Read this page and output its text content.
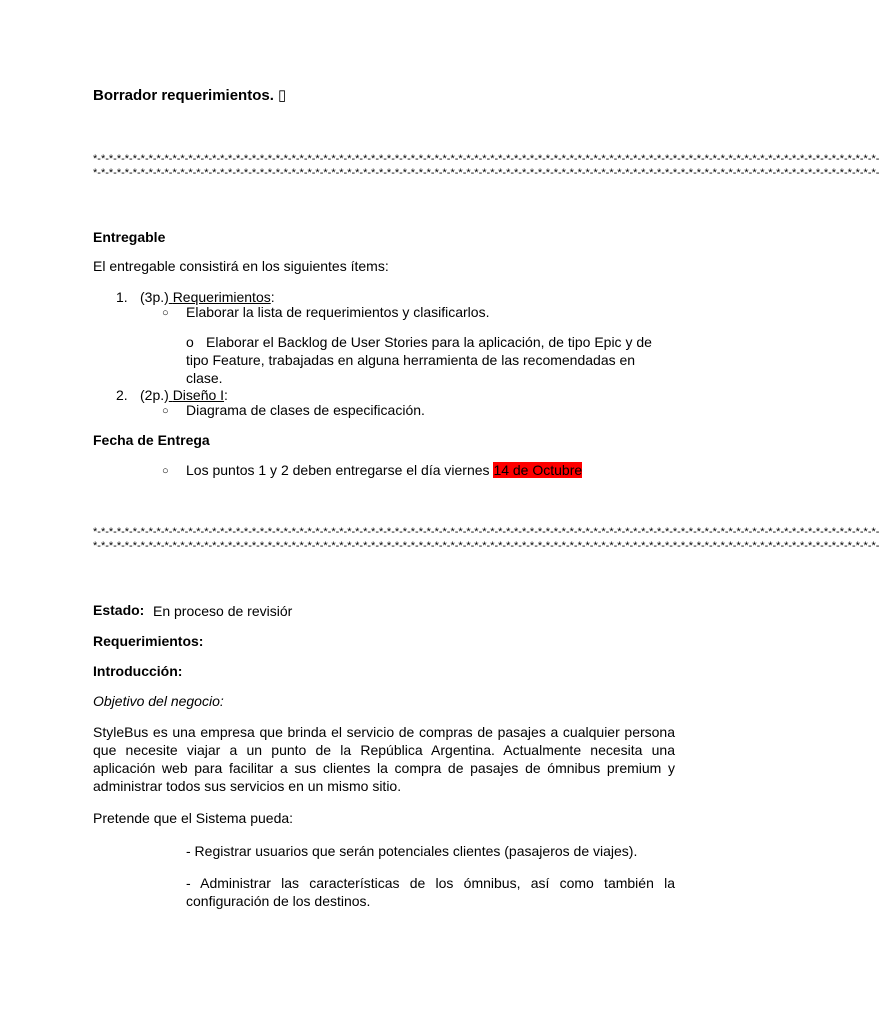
Borrador requerimientos. ▯
*-*-*-*-*-*-*-*-*-*-*-*-*-*-*-*-*-*-*-*-*-*-*-*-*-*-*-*-*-*-*-*-*-*-*-*-*-*-*-*-*-*-*-*-*-*-*-*-*-*-*-*-*-*-*-*-*-*-*-*-*-*-*-*-*-*-*-*-*-*-*-*-*-*-*-*-*-*-*-*-*-*-*-*-*-*-*-*-*-*-*-*-*-*-*-*-*-*-*-
*-*-*-*-*-*-*-*-*-*-*-*-*-*-*-*-*-*-*-*-*-*-*-*-*-*-*-*-*-*-*-*-*-*-*-*-*-*-*-*-*-*-*-*-*-*-*-*-*-*-*-*-*-*-*-*-*-*-*-*-*-*-*-*-*-*-*-*-*-*-*-*-*-*-*-*-*-*-*-*-*-*-*-*-*-*-*-*-*-*-*-*-*-*-*-*-*-*-*-
Entregable
El entregable consistirá en los siguientes ítems:
1. (3p.) Requerimientos:
○ Elaborar la lista de requerimientos y clasificarlos.
o Elaborar el Backlog de User Stories para la aplicación, de tipo Epic y de tipo Feature, trabajadas en alguna herramienta de las recomendadas en clase.
2. (2p.) Diseño I:
○ Diagrama de clases de especificación.
Fecha de Entrega
○ Los puntos 1 y 2 deben entregarse el día viernes 14 de Octubre
*-*-*-*-*-*-*-*-*-*-*-*-*-*-*-*-*-*-*-*-*-*-*-*-*-*-*-*-*-*-*-*-*-*-*-*-*-*-*-*-*-*-*-*-*-*-*-*-*-*-*-*-*-*-*-*-*-*-*-*-*-*-*-*-*-*-*-*-*-*-*-*-*-*-*-*-*-*-*-*-*-*-*-*-*-*-*-*-*-*-*-*-*-*-*-*-*-*-*-
*-*-*-*-*-*-*-*-*-*-*-*-*-*-*-*-*-*-*-*-*-*-*-*-*-*-*-*-*-*-*-*-*-*-*-*-*-*-*-*-*-*-*-*-*-*-*-*-*-*-*-*-*-*-*-*-*-*-*-*-*-*-*-*-*-*-*-*-*-*-*-*-*-*-*-*-*-*-*-*-*-*-*-*-*-*-*-*-*-*-*-*-*-*-*-*-*-*-*-
Estado: En proceso de revisiór
Requerimientos:
Introducción:
Objetivo del negocio:
StyleBus es una empresa que brinda el servicio de compras de pasajes a cualquier persona que necesite viajar a un punto de la República Argentina. Actualmente necesita una aplicación web para facilitar a sus clientes la compra de pasajes de ómnibus premium y administrar todos sus servicios en un mismo sitio.
Pretende que el Sistema pueda:
- Registrar usuarios que serán potenciales clientes (pasajeros de viajes).
- Administrar las características de los ómnibus, así como también la configuración de los destinos.
